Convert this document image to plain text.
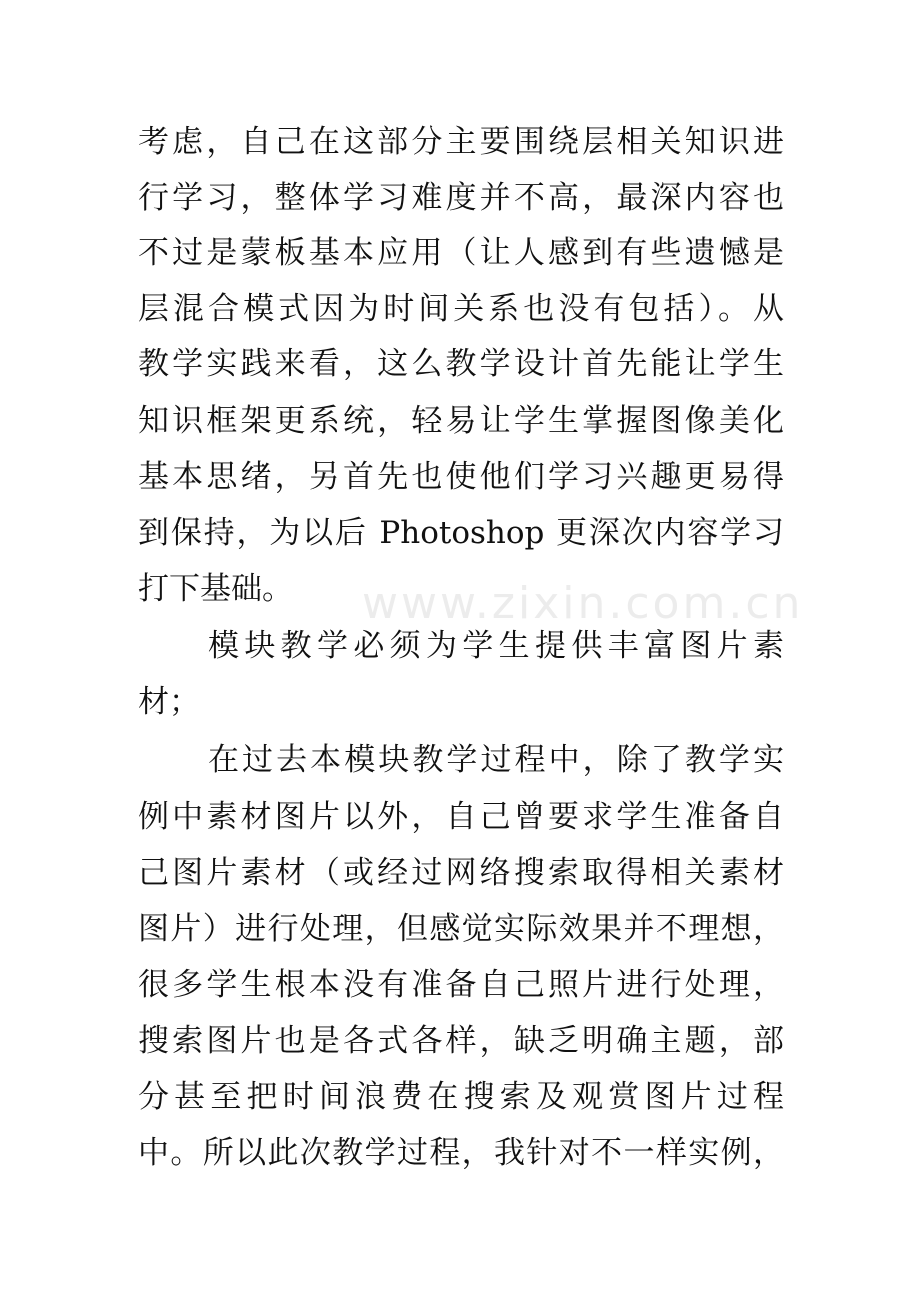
www.zixin.com.cn
考虑，自己在这部分主要围绕层相关知识进
行学习，整体学习难度并不高，最深内容也
不过是蒙板基本应用（让人感到有些遗憾是
层混合模式因为时间关系也没有包括）。从
教学实践来看，这么教学设计首先能让学生
知识框架更系统，轻易让学生掌握图像美化
基本思绪，另首先也使他们学习兴趣更易得
到保持，为以后 Photoshop 更深次内容学习
打下基础。
模块教学必须为学生提供丰富图片素
材；
在过去本模块教学过程中，除了教学实
例中素材图片以外，自己曾要求学生准备自
己图片素材（或经过网络搜索取得相关素材
图片）进行处理，但感觉实际效果并不理想，
很多学生根本没有准备自己照片进行处理，
搜索图片也是各式各样，缺乏明确主题，部
分甚至把时间浪费在搜索及观赏图片过程
中。所以此次教学过程，我针对不一样实例，
